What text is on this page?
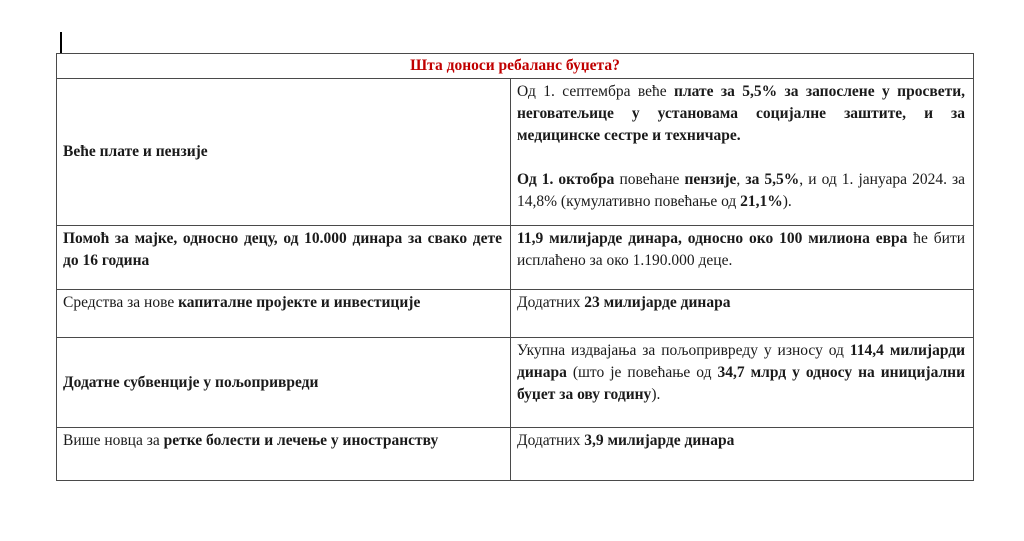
Шта доноси ребаланс буџета?	

Веће плате и пензије	Од 1. септембра веће плате за 5,5% за запослене у просвети, неговатељице у установама социјалне заштите, и за медицинске сестре и техничаре.
Од 1. октобра повећане пензије, за 5,5%, и од 1. јануара 2024. за 14,8% (кумулативно повећање од 21,1%).

Помоћ за мајке, односно децу, од 10.000 динара за свако дете до 16 година	11,9 милијарде динара, односно око 100 милиона евра ће бити исплаћено за око 1.190.000 деце.

Средства за нове капиталне пројекте и инвестиције	Додатних 23 милијарде динара

Додатне субвенције у пољопривреди	Укупна издвајања за пољопривреду у износу од 114,4 милијарди динара (што је повећање од 34,7 млрд у односу на иницијални буџет за ову годину).

Више новца за ретке болести и лечење у иностранству	Додатних 3,9 милијарде динара
